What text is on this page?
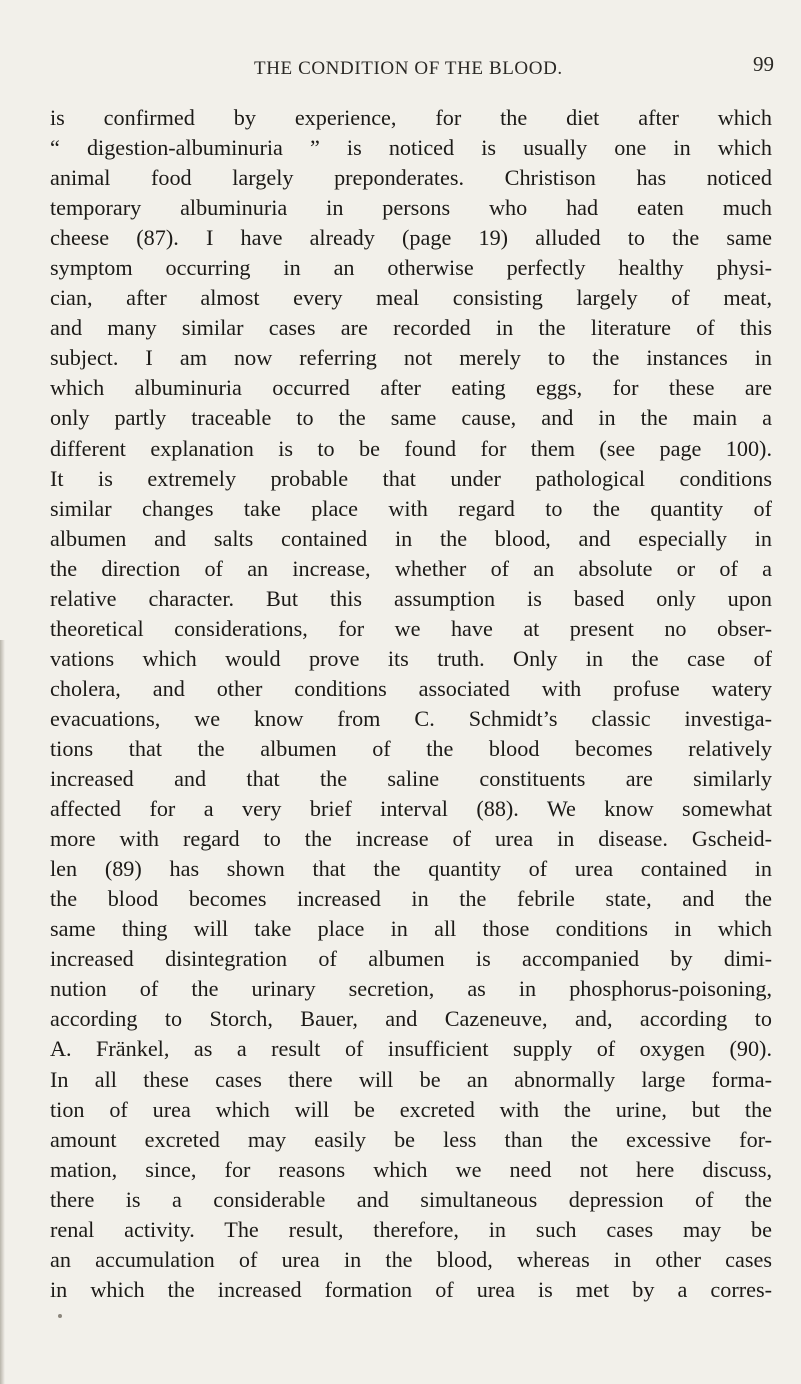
THE CONDITION OF THE BLOOD.	99
is confirmed by experience, for the diet after which
“ digestion-albuminuria ” is noticed is usually one in which
animal food largely preponderates. Christison has noticed
temporary albuminuria in persons who had eaten much
cheese (87). I have already (page 19) alluded to the same
symptom occurring in an otherwise perfectly healthy physi-
cian, after almost every meal consisting largely of meat,
and many similar cases are recorded in the literature of this
subject. I am now referring not merely to the instances in
which albuminuria occurred after eating eggs, for these are
only partly traceable to the same cause, and in the main a
different explanation is to be found for them (see page 100).
It is extremely probable that under pathological conditions
similar changes take place with regard to the quantity of
albumen and salts contained in the blood, and especially in
the direction of an increase, whether of an absolute or of a
relative character. But this assumption is based only upon
theoretical considerations, for we have at present no obser-
vations which would prove its truth. Only in the case of
cholera, and other conditions associated with profuse watery
evacuations, we know from C. Schmidt’s classic investiga-
tions that the albumen of the blood becomes relatively
increased and that the saline constituents are similarly
affected for a very brief interval (88). We know somewhat
more with regard to the increase of urea in disease. Gscheid-
len (89) has shown that the quantity of urea contained in
the blood becomes increased in the febrile state, and the
same thing will take place in all those conditions in which
increased disintegration of albumen is accompanied by dimi-
nution of the urinary secretion, as in phosphorus-poisoning,
according to Storch, Bauer, and Cazeneuve, and, according to
A. Fränkel, as a result of insufficient supply of oxygen (90).
In all these cases there will be an abnormally large forma-
tion of urea which will be excreted with the urine, but the
amount excreted may easily be less than the excessive for-
mation, since, for reasons which we need not here discuss,
there is a considerable and simultaneous depression of the
renal activity. The result, therefore, in such cases may be
an accumulation of urea in the blood, whereas in other cases
in which the increased formation of urea is met by a corres-
